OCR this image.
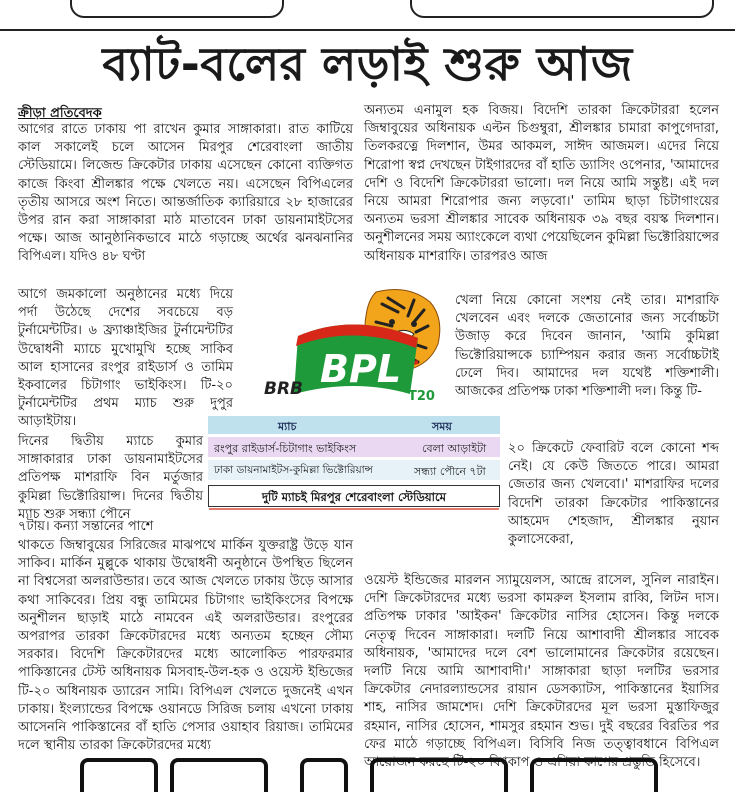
ব্যাট-বলের লড়াই শুরু আজ
ক্রীড়া প্রতিবেদক

আগের রাতে ঢাকায় পা রাখেন কুমার সাঙ্গাকারা। রাত কাটিয়ে কাল সকালেই চলে আসেন মিরপুর শেরেবাংলা জাতীয় স্টেডিয়ামে। লিজেন্ড ক্রিকেটার ঢাকায় এসেছেন কোনো ব্যক্তিগত কাজে কিংবা শ্রীলঙ্কার পক্ষে খেলতে নয়। এসেছেন বিপিএলের তৃতীয় আসরে অংশ নিতে। আন্তর্জাতিক ক্যারিয়ারে ২৮ হাজারের উপর রান করা সাঙ্গাকারা মাঠ মাতাবেন ঢাকা ডায়নামাইটসের পক্ষে। আজ আনুষ্ঠানিকভাবে মাঠে গড়াচ্ছে অর্থের ঝনঝনানির বিপিএল। যদিও ৪৮ ঘণ্টা

আগে জমকালো অনুষ্ঠানের মধ্যে দিয়ে পর্দা উঠেছে দেশের সবচেয়ে বড় টুর্নামেন্টটির। ৬ ফ্র্যাঞ্চাইজির টুর্নামেন্টটির উদ্বোধনী ম্যাচে মুখোমুখি হচ্ছে সাকিব আল হাসানের রংপুর রাইডার্স ও তামিম ইকবালের চিটাগাং ভাইকিংস। টি-২০ টুর্নামেন্টটির প্রথম ম্যাচ শুরু দুপুর আড়াইটায়।

দিনের দ্বিতীয় ম্যাচে কুমার সাঙ্গাকারার ঢাকা ডায়নামাইটসের প্রতিপক্ষ মাশরাফি বিন মর্তুজার কুমিল্লা ভিক্টোরিয়ান্স। দিনের দ্বিতীয় ম্যাচ শুরু সন্ধ্যা পৌনে

৭টায়। কন্যা সন্তানের পাশে

থাকতে জিম্বাবুয়ের সিরিজের মাঝপথে মার্কিন যুক্তরাষ্ট্র উড়ে যান সাকিব। মার্কিন মুল্লুকে থাকায় উদ্বোধনী অনুষ্ঠানে উপস্থিত ছিলেন না বিশ্বসেরা অলরাউন্ডার। তবে আজ খেলতে ঢাকায় উড়ে আসার কথা সাকিবের। প্রিয় বন্ধু তামিমের চিটাগাং ভাইকিংসের বিপক্ষে অনুশীলন ছাড়াই মাঠে নামবেন এই অলরাউন্ডার। রংপুরের অপরাপর তারকা ক্রিকেটারদের মধ্যে অন্যতম হচ্ছেন সৌম্য সরকার। বিদেশি ক্রিকেটারদের মধ্যে আলোকিত পারফরমার পাকিস্তানের টেস্ট অধিনায়ক মিসবাহ-উল-হক ও ওয়েস্ট ইন্ডিজের টি-২০ অধিনায়ক ড্যারেন সামি। বিপিএল খেলতে দুজনেই এখন ঢাকায়। ইংল্যান্ডের বিপক্ষে ওয়ানডে সিরিজ চলায় এখনো ঢাকায় আসেননি পাকিস্তানের বাঁ হাতি পেসার ওয়াহাব রিয়াজ। তামিমের দলে স্থানীয় তারকা ক্রিকেটারদের মধ্যে

অন্যতম এনামুল হক বিজয়। বিদেশি তারকা ক্রিকেটাররা হলেন জিম্বাবুয়ের অধিনায়ক এল্টন চিগুম্বুরা, শ্রীলঙ্কার চামারা কাপুগেদারা, তিলকরত্নে দিলশান, উমর আকমল, সাঈদ আজমল। এদের নিয়ে শিরোপা স্বপ্ন দেখছেন টাইগারদের বাঁ হাতি ড্যাসিং ওপেনার, 'আমাদের দেশি ও বিদেশি ক্রিকেটাররা ভালো। দল নিয়ে আমি সন্তুষ্ট। এই দল নিয়ে আমরা শিরোপার জন্য লড়বো।' তামিম ছাড়া চিটাগাংয়ের অন্যতম ভরসা শ্রীলঙ্কার সাবেক অধিনায়ক ৩৯ বছর বয়স্ক দিলশান। অনুশীলনের সময় অ্যাংকেলে ব্যথা পেয়েছিলেন কুমিল্লা ভিক্টোরিয়ান্সের অধিনায়ক মাশরাফি। তারপরও আজ

খেলা নিয়ে কোনো সংশয় নেই তার। মাশরাফি খেলবেন এবং দলকে জেতানোর জন্য সর্বোচ্চটা উজাড় করে দিবেন জানান, 'আমি কুমিল্লা ভিক্টোরিয়ান্সকে চ্যাম্পিয়ন করার জন্য সর্বোচ্চটাই ঢেলে দিব। আমাদের দল যথেষ্ট শক্তিশালী। আজকের প্রতিপক্ষ ঢাকা শক্তিশালী দল। কিন্তু টি-

২০ ক্রিকেটে ফেবারিট বলে কোনো শব্দ নেই। যে কেউ জিততে পারে। আমরা জেতার জন্য খেলবো।' মাশরাফির দলের বিদেশি তারকা ক্রিকেটার পাকিস্তানের আহমেদ শেহজাদ, শ্রীলঙ্কার নুয়ান কুলাসেকেরা,

ওয়েস্ট ইন্ডিজের মারলন স্যামুয়েলস, আন্দ্রে রাসেল, সুনিল নারাইন। দেশি ক্রিকেটারদের মধ্যে ভরসা কামরুল ইসলাম রাব্বি, লিটন দাস। প্রতিপক্ষ ঢাকার 'আইকন' ক্রিকেটার নাসির হোসেন। কিন্তু দলকে নেতৃত্ব দিবেন সাঙ্গাকারা। দলটি নিয়ে আশাবাদী শ্রীলঙ্কার সাবেক অধিনায়ক, 'আমাদের দলে বেশ ভালোমানের ক্রিকেটার রয়েছেন। দলটি নিয়ে আমি আশাবাদী।' সাঙ্গাকারা ছাড়া দলটির ভরসার ক্রিকেটার নেদারল্যান্ডসের রায়ান ডেসক্যাটস, পাকিস্তানের ইয়াসির শাহ, নাসির জামশেদ। দেশি ক্রিকেটারদের মূল ভরসা মুস্তাফিজুর রহমান, নাসির হোসেন, শামসুর রহমান শুভ। দুই বছরের বিরতির পর ফের মাঠে গড়াচ্ছে বিপিএল। বিসিবি নিজ তত্ত্বাবধানে বিপিএল আয়োজন করছে টি-২০ বিশ্বকাপ ও এশিয়া কাপের প্রস্তুতি হিসেবে।

BPL
BRB	T20
ম্যাচ	সময়
রংপুর রাইডার্স-চিটাগাং ভাইকিংস	বেলা আড়াইটা
ঢাকা ডায়নামাইটস-কুমিল্লা ভিক্টোরিয়ান্স	সন্ধ্যা পৌনে ৭টা
দুটি ম্যাচই মিরপুর শেরেবাংলা স্টেডিয়ামে
